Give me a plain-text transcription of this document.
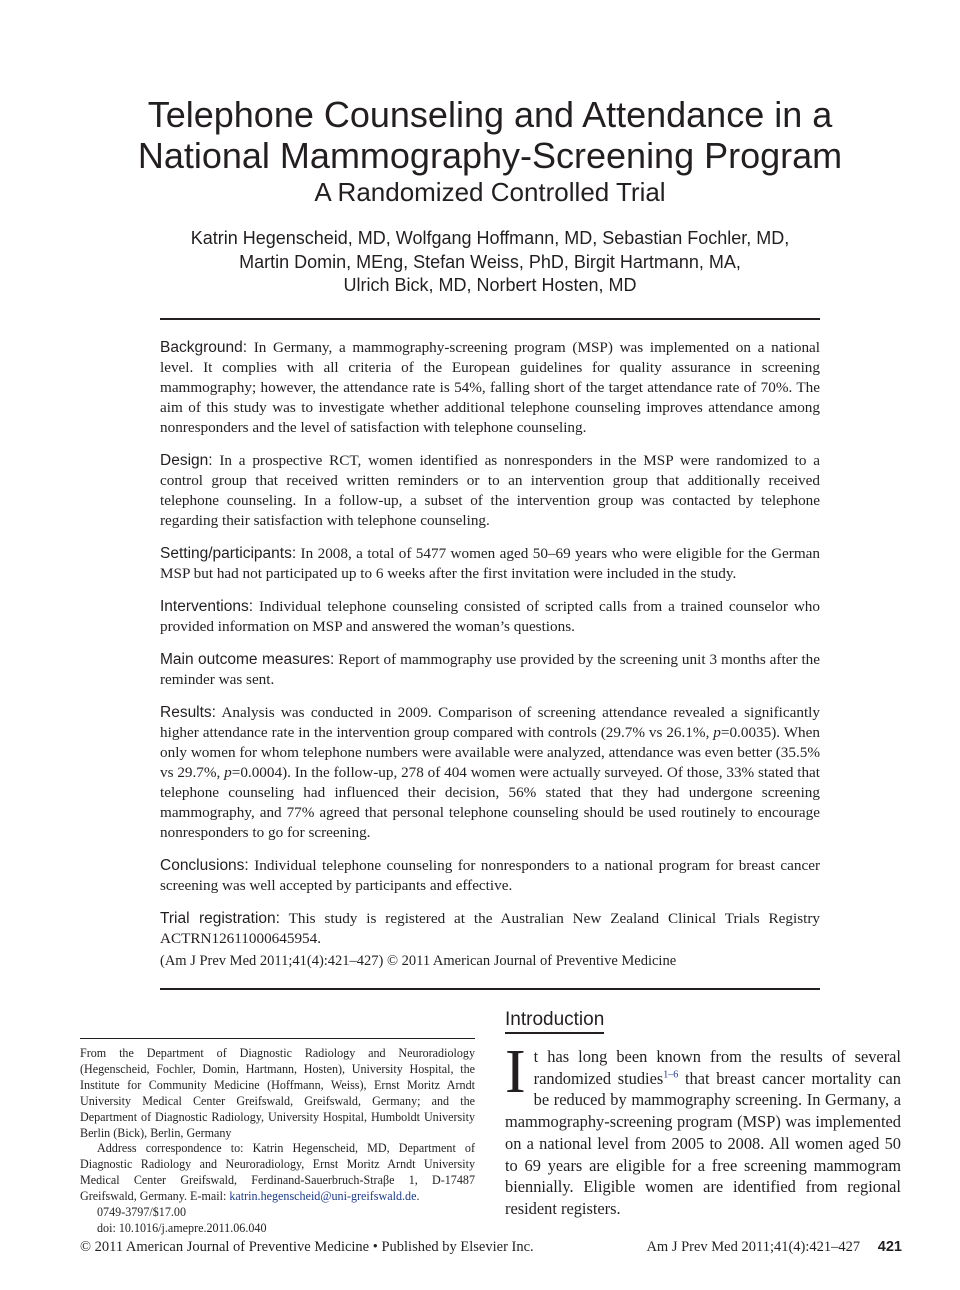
Telephone Counseling and Attendance in a
National Mammography-Screening Program
A Randomized Controlled Trial
Katrin Hegenscheid, MD, Wolfgang Hoffmann, MD, Sebastian Fochler, MD,
Martin Domin, MEng, Stefan Weiss, PhD, Birgit Hartmann, MA,
Ulrich Bick, MD, Norbert Hosten, MD

Background: In Germany, a mammography-screening program (MSP) was implemented on a national level. It complies with all criteria of the European guidelines for quality assurance in screening mammography; however, the attendance rate is 54%, falling short of the target attendance rate of 70%. The aim of this study was to investigate whether additional telephone counseling improves attendance among nonresponders and the level of satisfaction with telephone counseling.

Design: In a prospective RCT, women identified as nonresponders in the MSP were randomized to a control group that received written reminders or to an intervention group that additionally received telephone counseling. In a follow-up, a subset of the intervention group was contacted by telephone regarding their satisfaction with telephone counseling.

Setting/participants: In 2008, a total of 5477 women aged 50–69 years who were eligible for the German MSP but had not participated up to 6 weeks after the first invitation were included in the study.

Interventions: Individual telephone counseling consisted of scripted calls from a trained counselor who provided information on MSP and answered the woman’s questions.

Main outcome measures: Report of mammography use provided by the screening unit 3 months after the reminder was sent.

Results: Analysis was conducted in 2009. Comparison of screening attendance revealed a significantly higher attendance rate in the intervention group compared with controls (29.7% vs 26.1%, p=0.0035). When only women for whom telephone numbers were available were analyzed, attendance was even better (35.5% vs 29.7%, p=0.0004). In the follow-up, 278 of 404 women were actually surveyed. Of those, 33% stated that telephone counseling had influenced their decision, 56% stated that they had undergone screening mammography, and 77% agreed that personal telephone counseling should be used routinely to encourage nonresponders to go for screening.

Conclusions: Individual telephone counseling for nonresponders to a national program for breast cancer screening was well accepted by participants and effective.

Trial registration: This study is registered at the Australian New Zealand Clinical Trials Registry ACTRN12611000645954.

(Am J Prev Med 2011;41(4):421–427) © 2011 American Journal of Preventive Medicine

From the Department of Diagnostic Radiology and Neuroradiology (Hegenscheid, Fochler, Domin, Hartmann, Hosten), University Hospital, the Institute for Community Medicine (Hoffmann, Weiss), Ernst Moritz Arndt University Medical Center Greifswald, Greifswald, Germany; and the Department of Diagnostic Radiology, University Hospital, Humboldt University Berlin (Bick), Berlin, Germany

Address correspondence to: Katrin Hegenscheid, MD, Department of Diagnostic Radiology and Neuroradiology, Ernst Moritz Arndt University Medical Center Greifswald, Ferdinand-Sauerbruch-Straβe 1, D-17487 Greifswald, Germany. E-mail: katrin.hegenscheid@uni-greifswald.de.

0749-3797/$17.00

doi: 10.1016/j.amepre.2011.06.040

Introduction

It has long been known from the results of several randomized studies$^{1-6}$ that breast cancer mortality can be reduced by mammography screening. In Germany, a mammography-screening program (MSP) was implemented on a national level from 2005 to 2008. All women aged 50 to 69 years are eligible for a free screening mammogram biennially. Eligible women are identified from regional resident registers.

© 2011 American Journal of Preventive Medicine • Published by Elsevier Inc.	Am J Prev Med 2011;41(4):421–427 421
